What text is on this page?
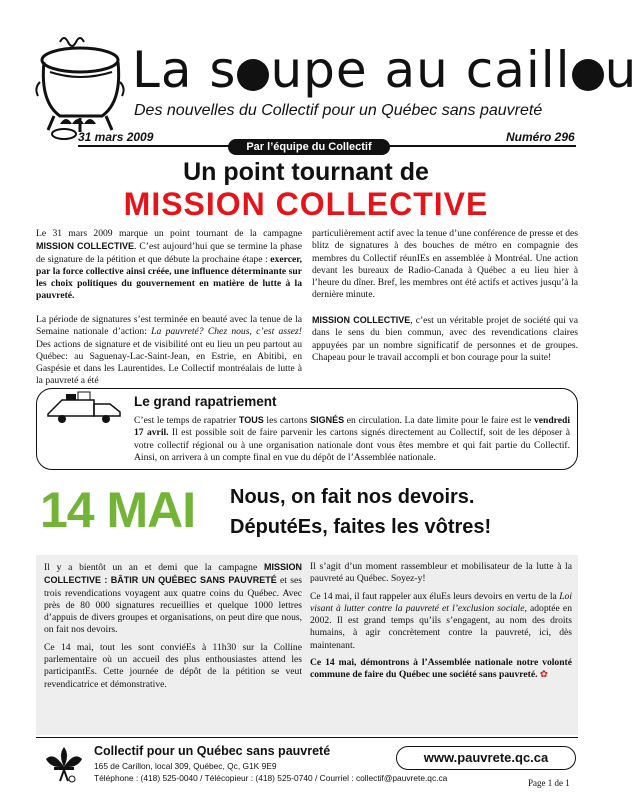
La s upe au caill u
Des nouvelles du Collectif pour un Québec sans pauvreté
31 mars 2009	Numéro 296
Par l’équipe du Collectif
Un point tournant de
MISSION COLLECTIVE
Le 31 mars 2009 marque un point tournant de la campagne MISSION COLLECTIVE. C’est aujourd’hui que se termine la phase de signature de la pétition et que débute la prochaine étape : exercer, par la force collective ainsi créée, une influence déterminante sur les choix politiques du gouvernement en matière de lutte à la pauvreté.
particulièrement actif avec la tenue d’une conférence de presse et des blitz de signatures à des bouches de métro en compagnie des membres du Collectif réunIEs en assemblée à Montréal. Une action devant les bureaux de Radio-Canada à Québec a eu lieu hier à l’heure du dîner. Bref, les membres ont été actifs et actives jusqu’à la dernière minute.
La période de signatures s’est terminée en beauté avec la tenue de la Semaine nationale d’action: La pauvreté? Chez nous, c’est assez! Des actions de signature et de visibilité ont eu lieu un peu partout au Québec: au Saguenay-Lac-Saint-Jean, en Estrie, en Abitibi, en Gaspésie et dans les Laurentides. Le Collectif montréalais de lutte à la pauvreté a été
MISSION COLLECTIVE, c’est un véritable projet de société qui va dans le sens du bien commun, avec des revendications claires appuyées par un nombre significatif de personnes et de groupes. Chapeau pour le travail accompli et bon courage pour la suite!
Le grand rapatriement
C’est le temps de rapatrier TOUS les cartons SIGNÉS en circulation. La date limite pour le faire est le vendredi 17 avril. Il est possible soit de faire parvenir les cartons signés directement au Collectif, soit de les déposer à votre collectif régional ou à une organisation nationale dont vous êtes membre et qui fait partie du Collectif. Ainsi, on arrivera à un compte final en vue du dépôt de l’Assemblée nationale.
14 MAI	Nous, on fait nos devoirs.
DéputéEs, faites les vôtres!

Il y a bientôt un an et demi que la campagne MISSION COLLECTIVE : BÂTIR UN QUÉBEC SANS PAUVRETÉ et ses trois revendications voyagent aux quatre coins du Québec. Avec près de 80 000 signatures recueillies et quelque 1000 lettres d’appuis de divers groupes et organisations, on peut dire que nous, on fait nos devoirs.

Ce 14 mai, tout les sont conviéEs à 11h30 sur la Colline parlementaire où un accueil des plus enthousiastes attend les participantEs. Cette journée de dépôt de la pétition se veut revendicatrice et démonstrative.

Il s’agit d’un moment rassembleur et mobilisateur de la lutte à la pauvreté au Québec. Soyez-y!

Ce 14 mai, il faut rappeler aux éluEs leurs devoirs en vertu de la Loi visant à lutter contre la pauvreté et l’exclusion sociale, adoptée en 2002. Il est grand temps qu’ils s’engagent, au nom des droits humains, à agir concrètement contre la pauvreté, ici, dès maintenant.

Ce 14 mai, démontrons à l’Assemblée nationale notre volonté commune de faire du Québec une société sans pauvreté. ✿

Collectif pour un Québec sans pauvreté
165 de Carillon, local 309, Québec, Qc, G1K 9E9
Téléphone : (418) 525-0040 / Télécopieur : (418) 525-0740 / Courriel : collectif@pauvrete.qc.ca
www.pauvrete.qc.ca
Page 1 de 1
